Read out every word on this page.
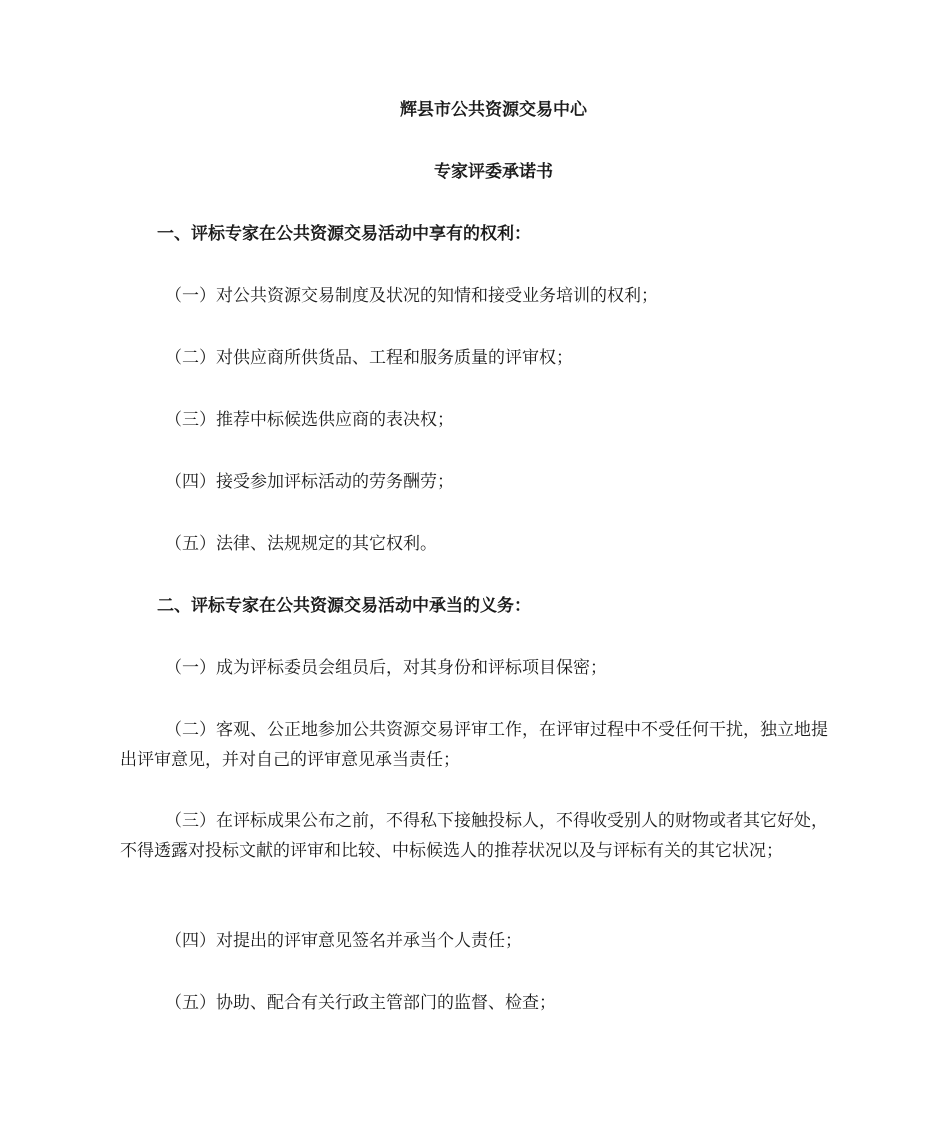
辉县市公共资源交易中心

专家评委承诺书

一、评标专家在公共资源交易活动中享有的权利：

（一）对公共资源交易制度及状况的知情和接受业务培训的权利；

（二）对供应商所供货品、工程和服务质量的评审权；

（三）推荐中标候选供应商的表决权；

（四）接受参加评标活动的劳务酬劳；

（五）法律、法规规定的其它权利。

二、评标专家在公共资源交易活动中承当的义务：

（一）成为评标委员会组员后，对其身份和评标项目保密；

（二）客观、公正地参加公共资源交易评审工作，在评审过程中不受任何干扰，独立地提出评审意见，并对自己的评审意见承当责任；

（三）在评标成果公布之前，不得私下接触投标人，不得收受别人的财物或者其它好处，不得透露对投标文献的评审和比较、中标候选人的推荐状况以及与评标有关的其它状况；

（四）对提出的评审意见签名并承当个人责任；

（五）协助、配合有关行政主管部门的监督、检查；
